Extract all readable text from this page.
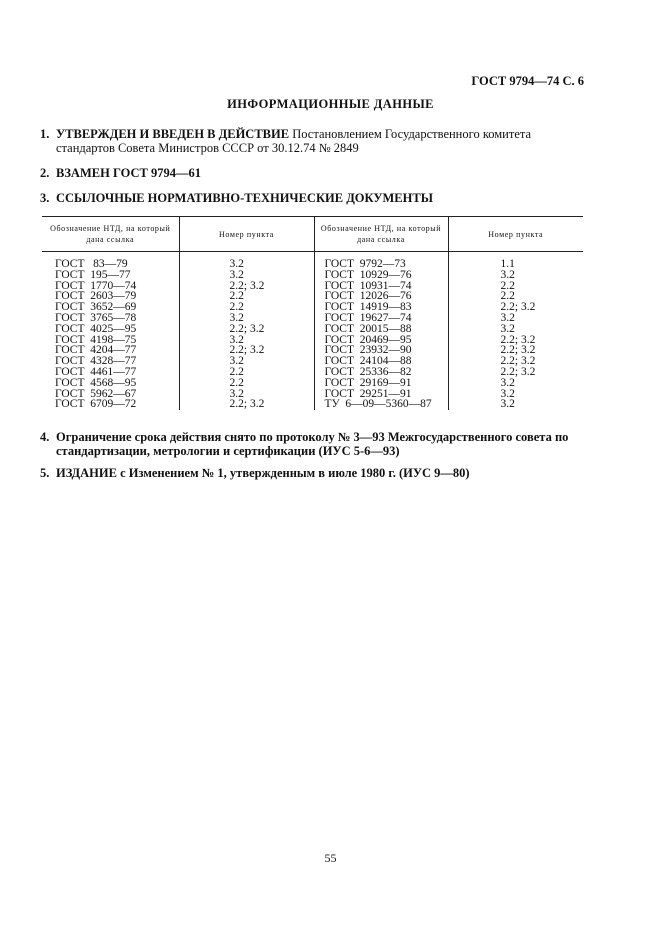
ГОСТ 9794—74 С. 6
ИНФОРМАЦИОННЫЕ ДАННЫЕ
1. УТВЕРЖДЕН И ВВЕДЕН В ДЕЙСТВИЕ Постановлением Государственного комитета стандартов Совета Министров СССР от 30.12.74 № 2849
2. ВЗАМЕН ГОСТ 9794—61
3. ССЫЛОЧНЫЕ НОРМАТИВНО-ТЕХНИЧЕСКИЕ ДОКУМЕНТЫ
Обозначение НТД, на который дана ссылка	Номер пункта	Обозначение НТД, на который дана ссылка	Номер пункта

ГОСТ   83—79	3.2	ГОСТ  9792—73	1.1
ГОСТ  195—77	3.2	ГОСТ  10929—76	3.2
ГОСТ  1770—74	2.2; 3.2	ГОСТ  10931—74	2.2
ГОСТ  2603—79	2.2	ГОСТ  12026—76	2.2
ГОСТ  3652—69	2.2	ГОСТ  14919—83	2.2; 3.2
ГОСТ  3765—78	3.2	ГОСТ  19627—74	3.2
ГОСТ  4025—95	2.2; 3.2	ГОСТ  20015—88	3.2
ГОСТ  4198—75	3.2	ГОСТ  20469—95	2.2; 3.2
ГОСТ  4204—77	2.2; 3.2	ГОСТ  23932—90	2.2; 3.2
ГОСТ  4328—77	3.2	ГОСТ  24104—88	2.2; 3.2
ГОСТ  4461—77	2.2	ГОСТ  25336—82	2.2; 3.2
ГОСТ  4568—95	2.2	ГОСТ  29169—91	3.2
ГОСТ  5962—67	3.2	ГОСТ  29251—91	3.2
ГОСТ  6709—72	2.2; 3.2	ТУ  6—09—5360—87	3.2
4. Ограничение срока действия снято по протоколу № 3—93 Межгосударственного совета по стандартизации, метрологии и сертификации (ИУС 5-6—93)
5. ИЗДАНИЕ с Изменением № 1, утвержденным в июле 1980 г. (ИУС 9—80)
55
